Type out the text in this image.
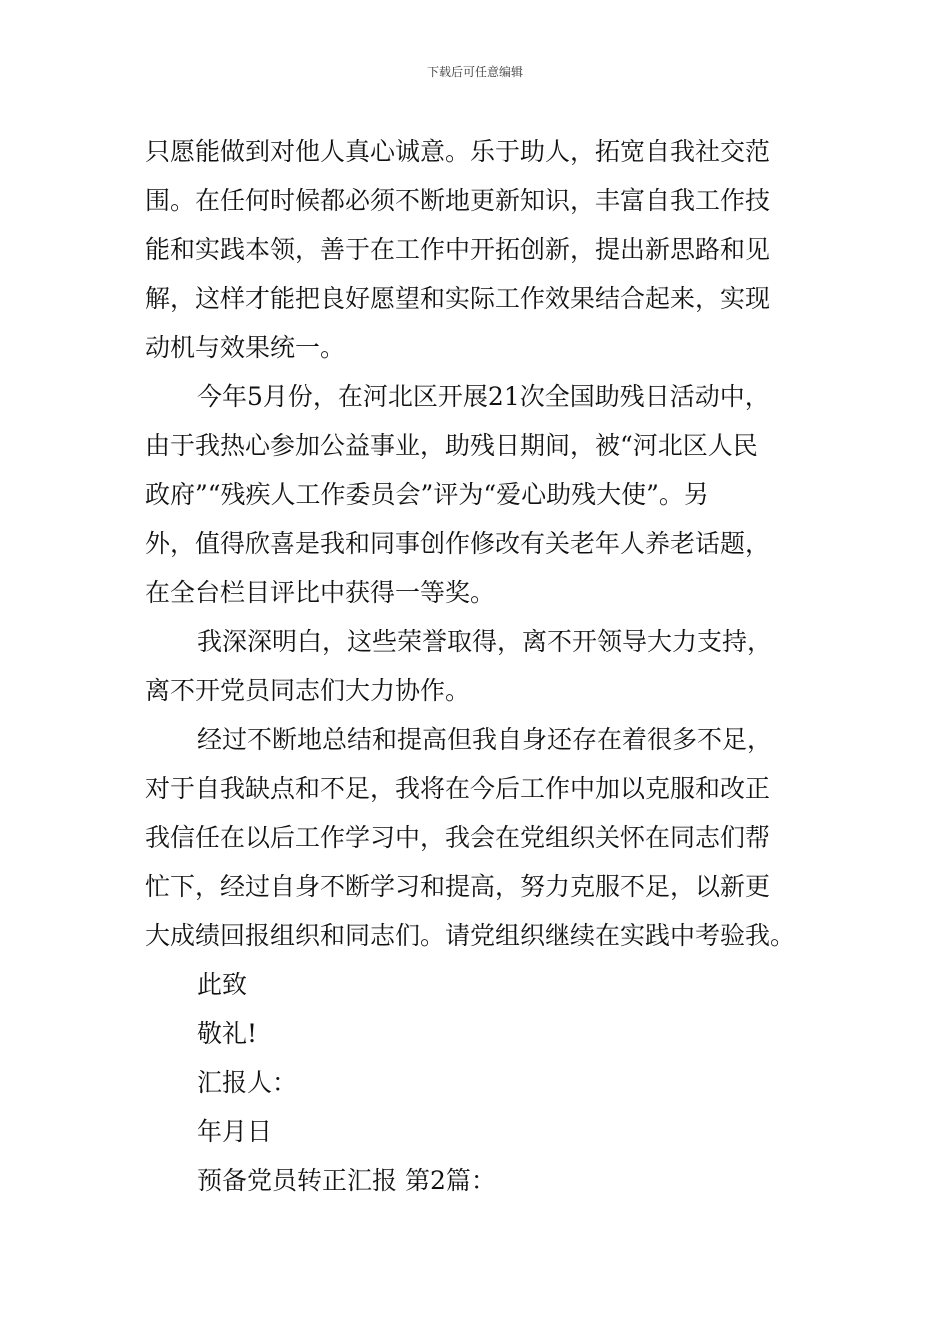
下载后可任意编辑
只愿能做到对他人真心诚意。乐于助人，拓宽自我社交范
围。在任何时候都必须不断地更新知识，丰富自我工作技
能和实践本领，善于在工作中开拓创新，提出新思路和见
解，这样才能把良好愿望和实际工作效果结合起来，实现
动机与效果统一。
今年5月份，在河北区开展21次全国助残日活动中，
由于我热心参加公益事业，助残日期间，被“河北区人民
政府”“残疾人工作委员会”评为“爱心助残大使”。另
外，值得欣喜是我和同事创作修改有关老年人养老话题，
在全台栏目评比中获得一等奖。
我深深明白，这些荣誉取得，离不开领导大力支持，
离不开党员同志们大力协作。
经过不断地总结和提高但我自身还存在着很多不足，
对于自我缺点和不足，我将在今后工作中加以克服和改正
我信任在以后工作学习中，我会在党组织关怀在同志们帮
忙下，经过自身不断学习和提高，努力克服不足，以新更
大成绩回报组织和同志们。请党组织继续在实践中考验我。
此致
敬礼!
汇报人：
年月日
预备党员转正汇报 第2篇：
